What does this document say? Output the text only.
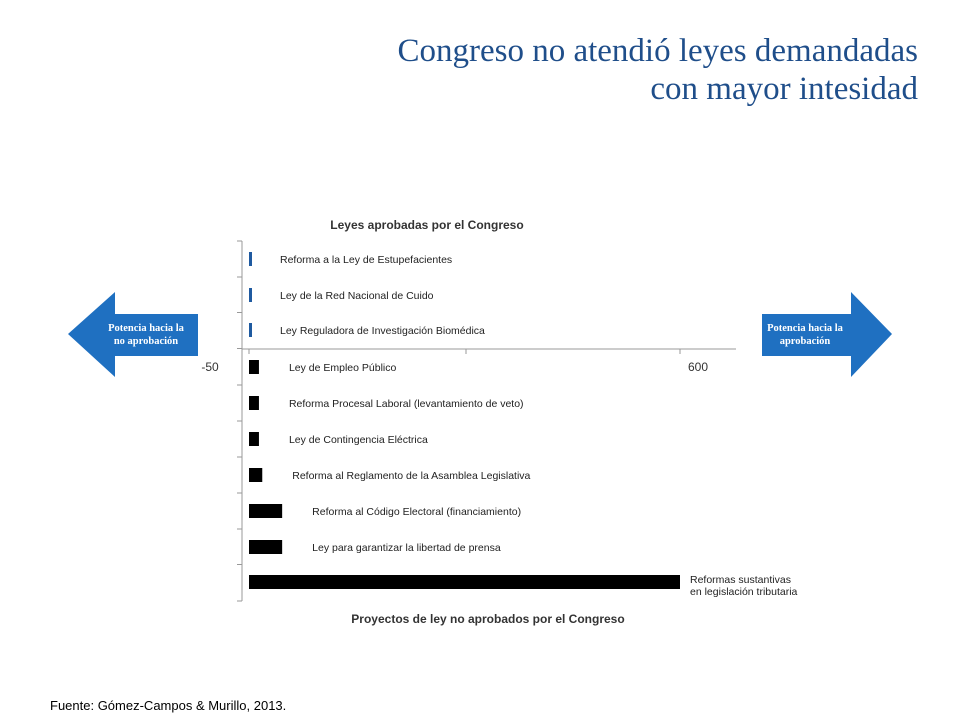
Congreso no atendió leyes demandadas
con mayor intesidad
Potencia hacia la
no aprobación
Potencia hacia la
aprobación
Leyes aprobadas por el Congreso
Proyectos de ley no aprobados por el Congreso
-50	600
Reforma a la Ley de Estupefacientes
Ley de la Red Nacional de Cuido
Ley Reguladora de Investigación Biomédica
Ley de Empleo Público
Reforma Procesal Laboral (levantamiento de veto)
Ley de Contingencia Eléctrica
Reforma al Reglamento de la Asamblea Legislativa
Reforma al Código Electoral (financiamiento)
Ley para garantizar la libertad de prensa
Reformas sustantivas
en legislación tributaria
Fuente: Gómez-Campos & Murillo, 2013.
